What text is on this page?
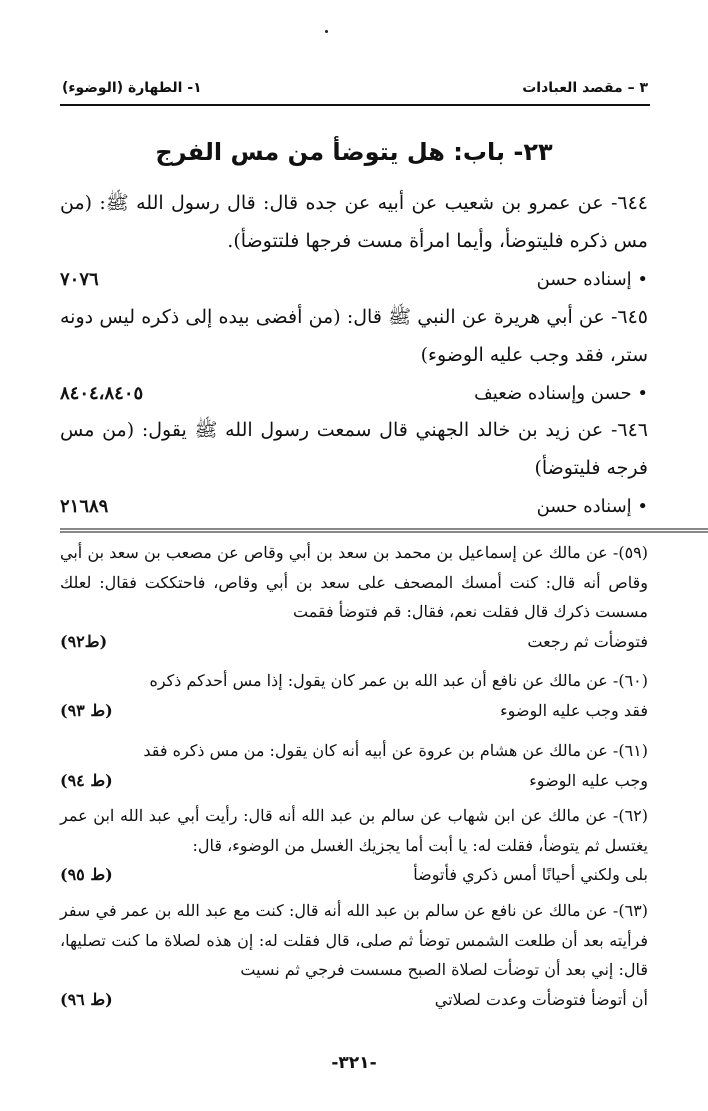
٣ – مقصد العبادات
١- الطهارة (الوضوء)
٢٣- باب: هل يتوضأ من مس الفرج
٦٤٤- عن عمرو بن شعيب عن أبيه عن جده قال: قال رسول الله ﷺ: (من مس ذكره فليتوضأ، وأيما امرأة مست فرجها فلتتوضأ).
• إسناده حسن
٧٠٧٦
٦٤٥- عن أبي هريرة عن النبي ﷺ قال: (من أفضى بيده إلى ذكره ليس دونه ستر، فقد وجب عليه الوضوء)
• حسن وإسناده ضعيف
٨٤٠٤،٨٤٠٥
٦٤٦- عن زيد بن خالد الجهني قال سمعت رسول الله ﷺ يقول: (من مس فرجه فليتوضأ)
• إسناده حسن
٢١٦٨٩
(٥٩)- عن مالك عن إسماعيل بن محمد بن سعد بن أبي وقاص عن مصعب بن سعد بن أبي وقاص أنه قال: كنت أمسك المصحف على سعد بن أبي وقاص، فاحتككت فقال: لعلك مسست ذكرك قال فقلت نعم، فقال: قم فتوضأ فقمت
فتوضأت ثم رجعت
(ط٩٢)
(٦٠)- عن مالك عن نافع أن عبد الله بن عمر كان يقول: إذا مس أحدكم ذكره
فقد وجب عليه الوضوء
(ط ٩٣)
(٦١)- عن مالك عن هشام بن عروة عن أبيه أنه كان يقول: من مس ذكره فقد
وجب عليه الوضوء
(ط ٩٤)
(٦٢)- عن مالك عن ابن شهاب عن سالم بن عبد الله أنه قال: رأيت أبي عبد الله ابن عمر يغتسل ثم يتوضأ، فقلت له: يا أبت أما يجزيك الغسل من الوضوء، قال:
بلى ولكني أحيانًا أمس ذكري فأتوضأ
(ط ٩٥)
(٦٣)- عن مالك عن نافع عن سالم بن عبد الله أنه قال: كنت مع عبد الله بن عمر في سفر فرأيته بعد أن طلعت الشمس توضأ ثم صلى، قال فقلت له: إن هذه لصلاة ما كنت تصليها، قال: إني بعد أن توضأت لصلاة الصبح مسست فرجي ثم نسيت
أن أتوضأ فتوضأت وعدت لصلاتي
(ط ٩٦)
-٣٢١-
